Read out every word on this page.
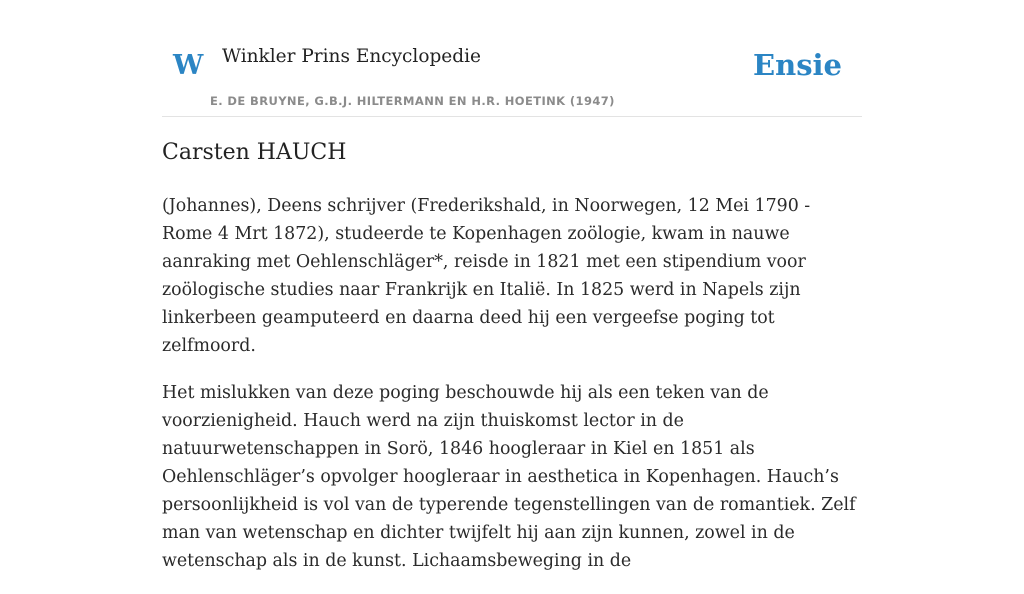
W Winkler Prins Encyclopedie
E. DE BRUYNE, G.B.J. HILTERMANN EN H.R. HOETINK (1947)
Ensie
Carsten HAUCH

(Johannes), Deens schrijver (Frederikshald, in Noorwegen, 12 Mei 1790 - Rome 4 Mrt 1872), studeerde te Kopenhagen zoölogie, kwam in nauwe aanraking met Oehlenschläger*, reisde in 1821 met een stipendium voor zoölogische studies naar Frankrijk en Italië. In 1825 werd in Napels zijn linkerbeen geamputeerd en daarna deed hij een vergeefse poging tot zelfmoord.

Het mislukken van deze poging beschouwde hij als een teken van de voorzienigheid. Hauch werd na zijn thuiskomst lector in de natuurwetenschappen in Sorö, 1846 hoogleraar in Kiel en 1851 als Oehlenschläger’s opvolger hoogleraar in aesthetica in Kopenhagen. Hauch’s persoonlijkheid is vol van de typerende tegenstellingen van de romantiek. Zelf man van wetenschap en dichter twijfelt hij aan zijn kunnen, zowel in de wetenschap als in de kunst. Lichaamsbeweging in de
